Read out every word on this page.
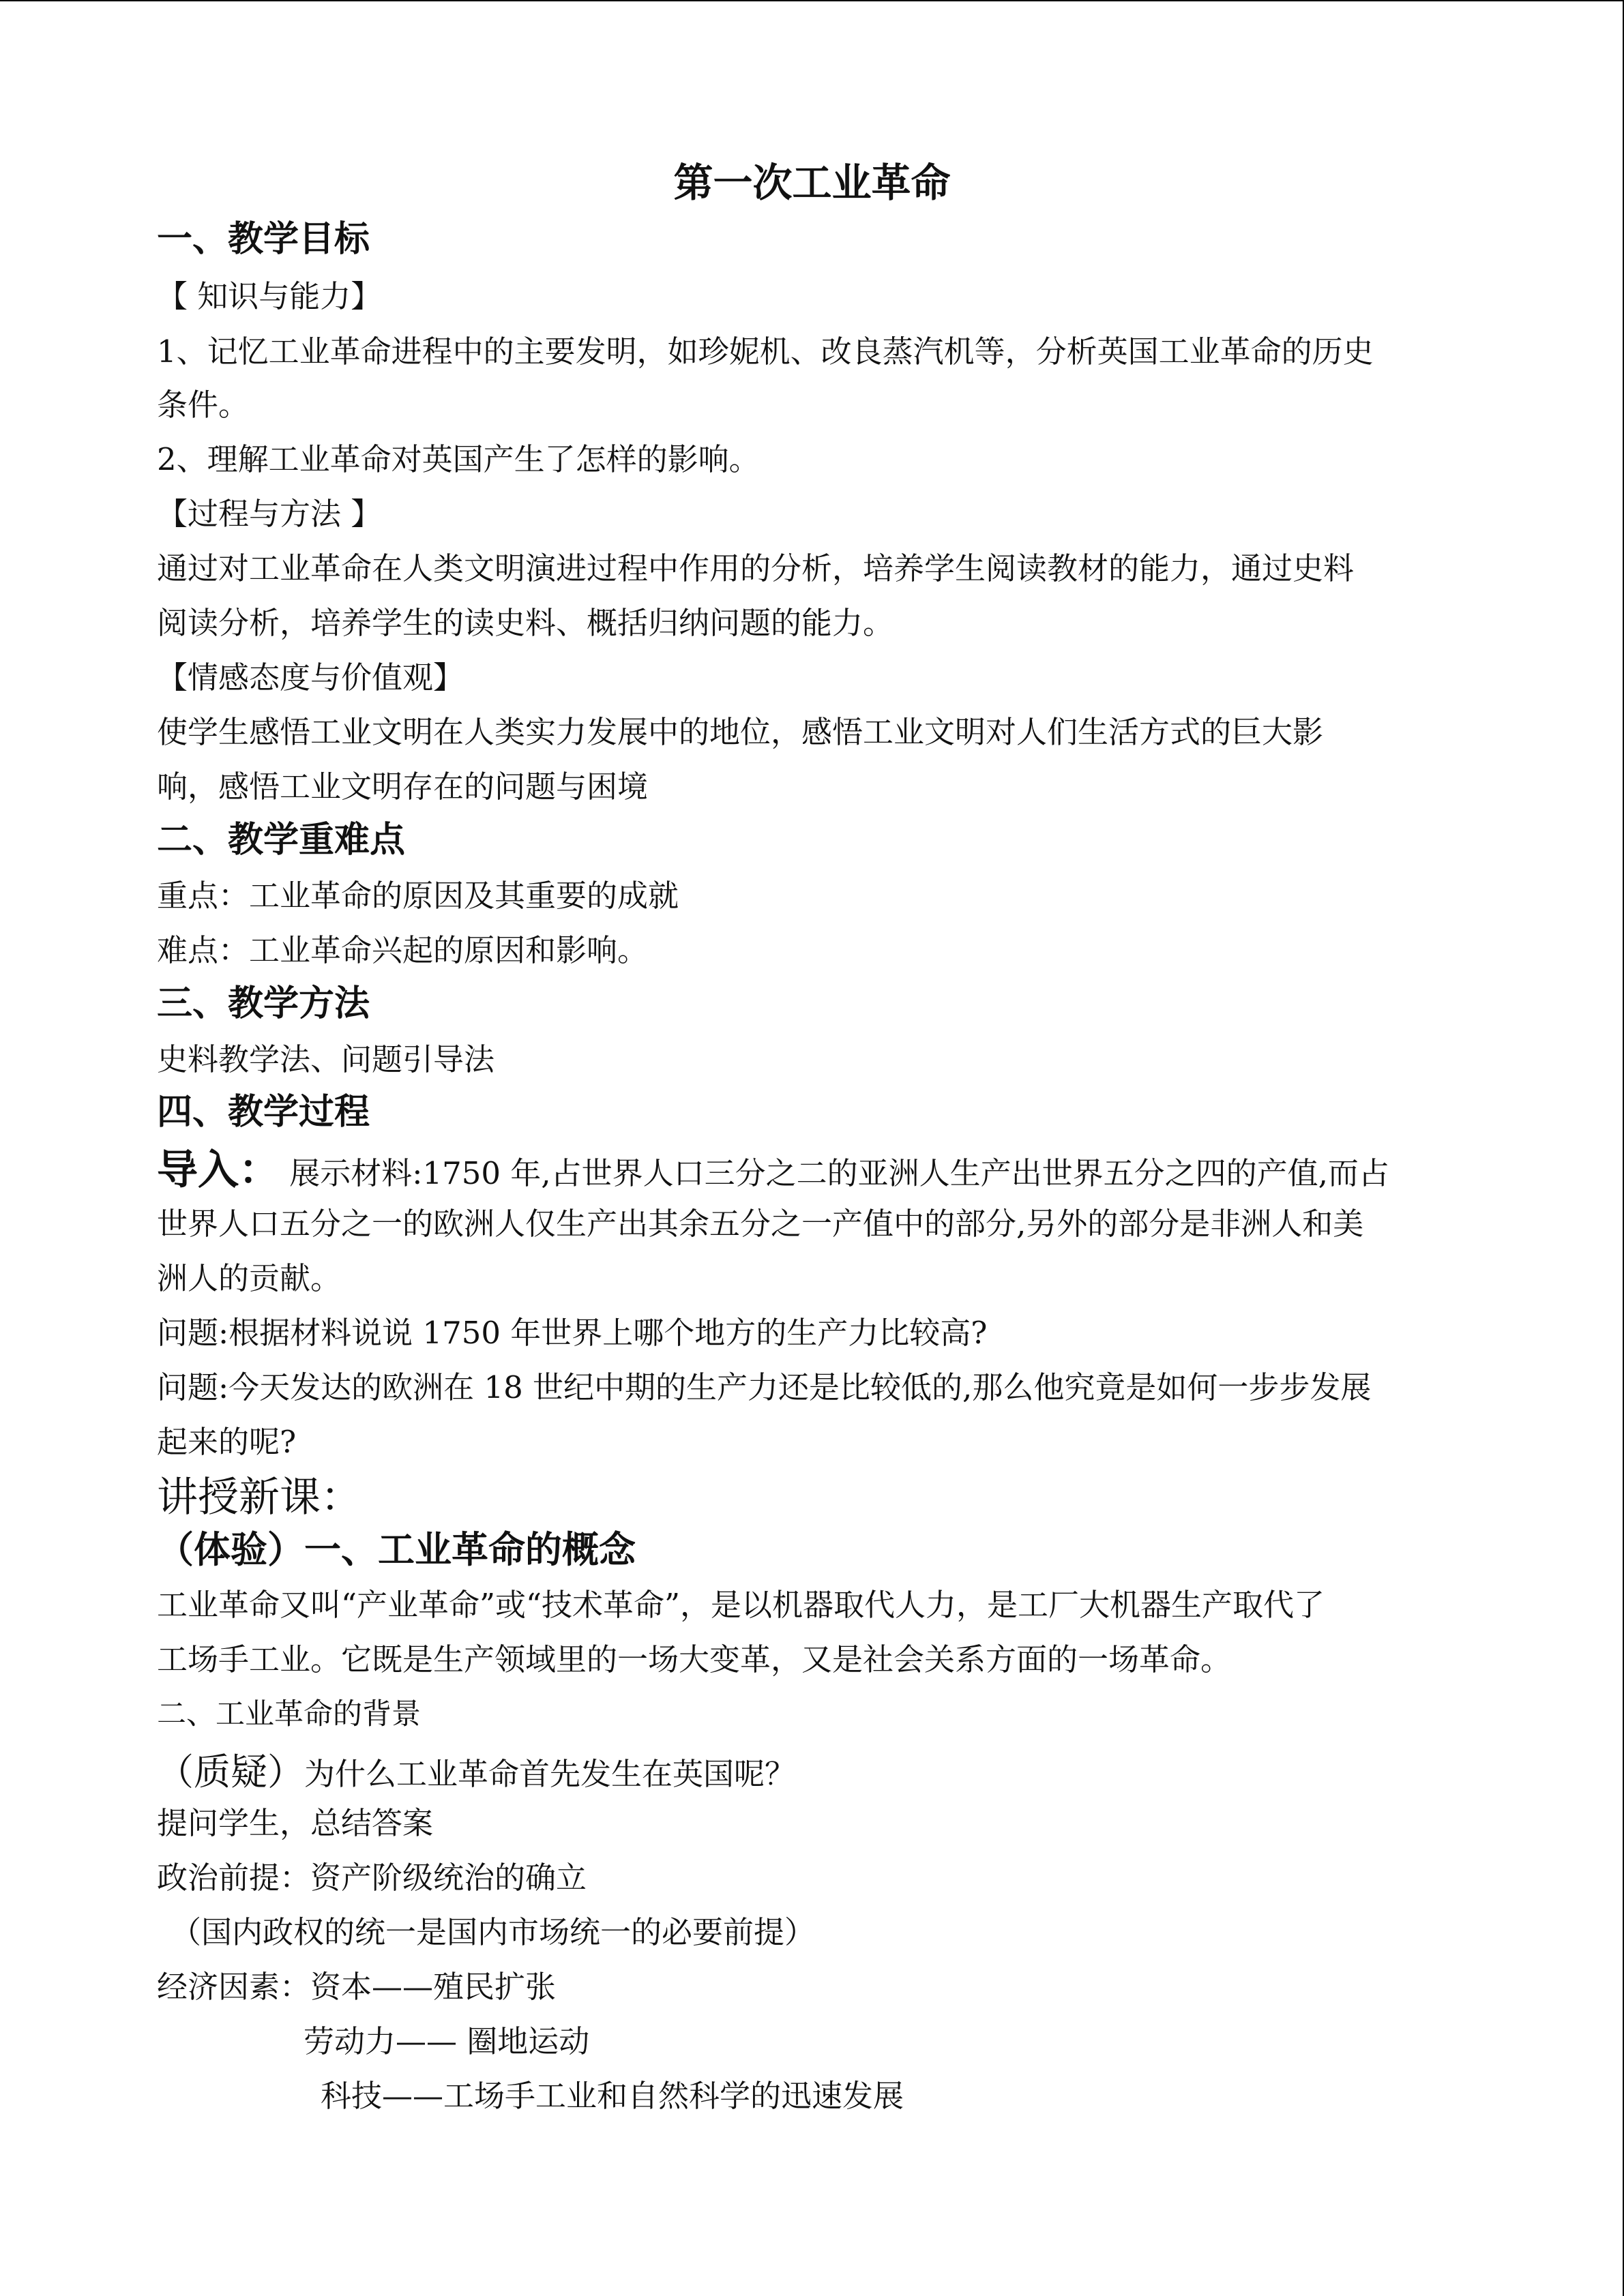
第一次工业革命
一、教学目标
【 知识与能力】
1、记忆工业革命进程中的主要发明，如珍妮机、改良蒸汽机等，分析英国工业革命的历史
条件。
2、理解工业革命对英国产生了怎样的影响。
【过程与方法 】
通过对工业革命在人类文明演进过程中作用的分析，培养学生阅读教材的能力，通过史料
阅读分析，培养学生的读史料、概括归纳问题的能力。
【情感态度与价值观】
使学生感悟工业文明在人类实力发展中的地位，感悟工业文明对人们生活方式的巨大影
响，感悟工业文明存在的问题与困境
二、教学重难点
重点：工业革命的原因及其重要的成就
难点：工业革命兴起的原因和影响。
三、教学方法
史料教学法、问题引导法
四、教学过程
导入： 展示材料:1750 年,占世界人口三分之二的亚洲人生产出世界五分之四的产值,而占
世界人口五分之一的欧洲人仅生产出其余五分之一产值中的部分,另外的部分是非洲人和美
洲人的贡献。
问题:根据材料说说 1750 年世界上哪个地方的生产力比较高?
问题:今天发达的欧洲在 18 世纪中期的生产力还是比较低的,那么他究竟是如何一步步发展
起来的呢?
讲授新课：
（体验）一、工业革命的概念
工业革命又叫“产业革命”或“技术革命”，是以机器取代人力，是工厂大机器生产取代了
工场手工业。它既是生产领域里的一场大变革，又是社会关系方面的一场革命。
二、工业革命的背景
（质疑）为什么工业革命首先发生在英国呢？
提问学生，总结答案
政治前提：资产阶级统治的确立
（国内政权的统一是国内市场统一的必要前提）
经济因素：资本——殖民扩张
劳动力—— 圈地运动
科技——工场手工业和自然科学的迅速发展
